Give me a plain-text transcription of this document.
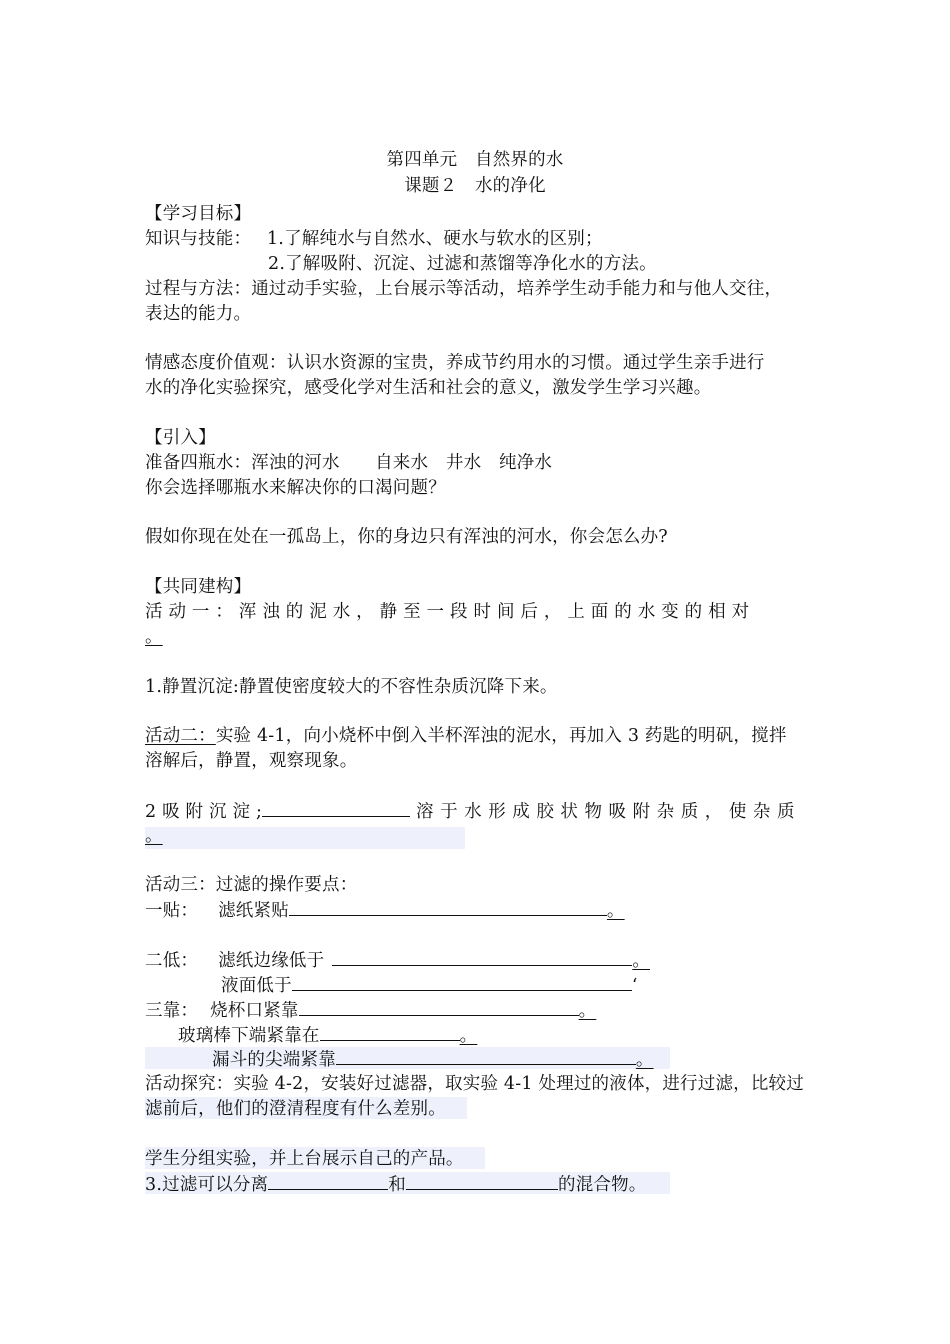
第四单元　自然界的水
课题２　水的净化
【学习目标】
知识与技能： 1.了解纯水与自然水、硬水与软水的区别；
2.了解吸附、沉淀、过滤和蒸馏等净化水的方法。
过程与方法：通过动手实验，上台展示等活动，培养学生动手能力和与他人交往，
表达的能力。
情感态度价值观：认识水资源的宝贵，养成节约用水的习惯。通过学生亲手进行
水的净化实验探究，感受化学对生活和社会的意义，激发学生学习兴趣。
【引入】
准备四瓶水：浑浊的河水　　自来水　井水　纯净水
你会选择哪瓶水来解决你的口渴问题？
假如你现在处在一孤岛上，你的身边只有浑浊的河水，你会怎么办?
【共同建构】
活 动 一 ： 浑 浊 的 泥 水 ， 静 至 一 段 时 间 后 ， 上 面 的 水 变 的 相 对
。
1.静置沉淀:静置使密度较大的不容性杂质沉降下来。
活动二：实验 4-1，向小烧杯中倒入半杯浑浊的泥水，再加入 3 药匙的明矾，搅拌
溶解后，静置，观察现象。
2 吸 附 沉 淀 ;	溶 于 水 形 成 胶 状 物 吸 附 杂 质 ， 使 杂 质
。
活动三：过滤的操作要点：
一贴： 滤纸紧贴	。
二低： 滤纸边缘低于	。
液面低于	‘
三靠： 烧杯口紧靠	。
玻璃棒下端紧靠在	。
漏斗的尖端紧靠	。
活动探究：实验 4-2，安装好过滤器，取实验 4-1 处理过的液体，进行过滤，比较过
滤前后，他们的澄清程度有什么差别。
学生分组实验，并上台展示自己的产品。
3.过滤可以分离	和	的混合物。
